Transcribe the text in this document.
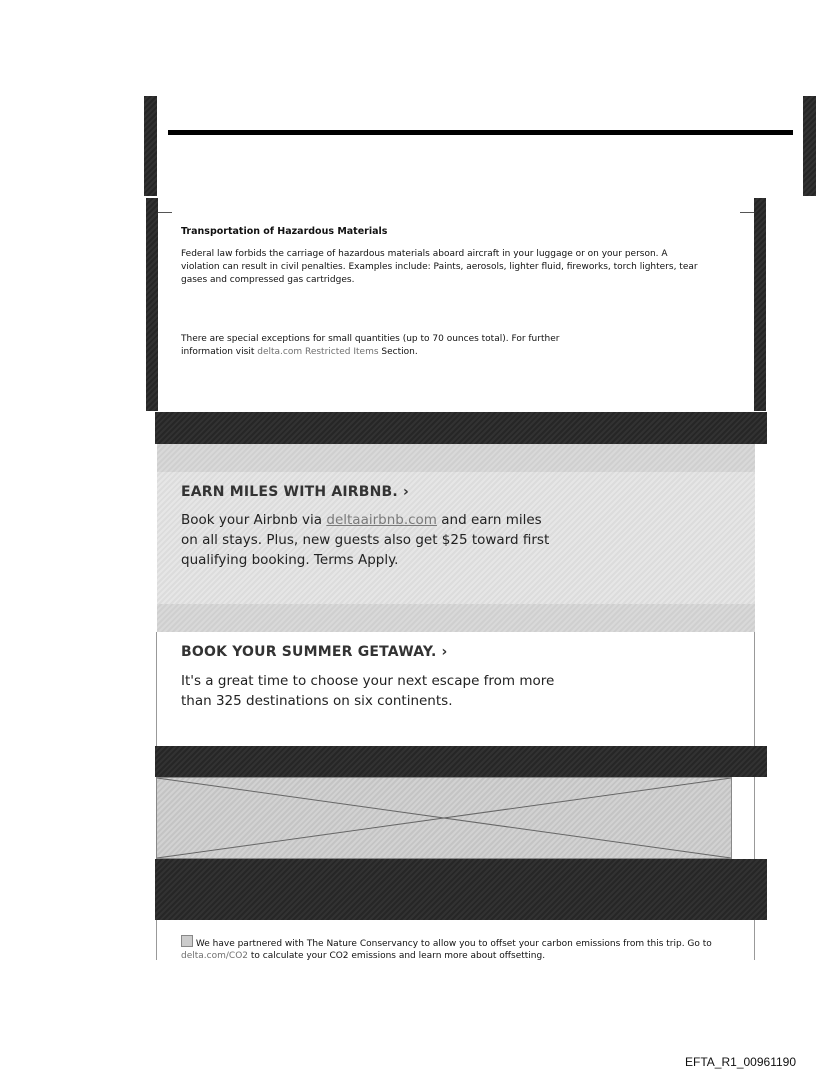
Transportation of Hazardous Materials
Federal law forbids the carriage of hazardous materials aboard aircraft in your luggage or on your person. A violation can result in civil penalties. Examples include: Paints, aerosols, lighter fluid, fireworks, torch lighters, tear gases and compressed gas cartridges.
There are special exceptions for small quantities (up to 70 ounces total). For further information visit delta.com Restricted Items Section.
EARN MILES WITH AIRBNB. ›
Book your Airbnb via deltaairbnb.com and earn miles on all stays. Plus, new guests also get $25 toward first qualifying booking. Terms Apply.
BOOK YOUR SUMMER GETAWAY. ›
It's a great time to choose your next escape from more than 325 destinations on six continents.
We have partnered with The Nature Conservancy to allow you to offset your carbon emissions from this trip. Go to delta.com/CO2 to calculate your CO2 emissions and learn more about offsetting.
EFTA_R1_00961190
